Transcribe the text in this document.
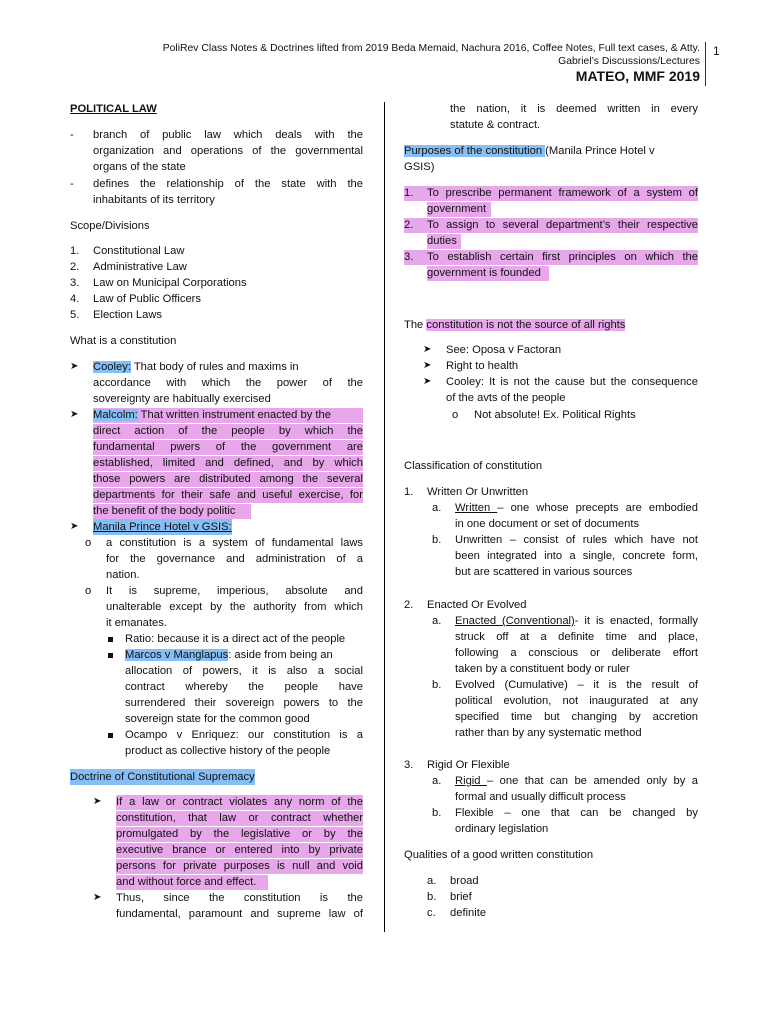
PoliRev Class Notes & Doctrines lifted from 2019 Beda Memaid, Nachura 2016, Coffee Notes, Full text cases, & Atty.
Gabriel’s Discussions/Lectures
MATEO, MMF 2019
1
POLITICAL LAW
- branch of public law which deals with the
organization and operations of the governmental
organs of the state
- defines the relationship of the state with the
inhabitants of its territory
Scope/Divisions
1. Constitutional Law
2. Administrative Law
3. Law on Municipal Corporations
4. Law of Public Officers
5. Election Laws
What is a constitution
➤ Cooley: That body of rules and maxims in
accordance with which the power of the
sovereignty are habitually exercised
➤ Malcolm: That written instrument enacted by the
direct action of the people by which the
fundamental pwers of the government are
established, limited and defined, and by which
those powers are distributed among the several
departments for their safe and useful exercise, for
the benefit of the body politic
➤ Manila Prince Hotel v GSIS:
o a constitution is a system of fundamental laws
for the governance and administration of a
nation.
o It is supreme, imperious, absolute and
unalterable except by the authority from which
it emanates.
Ratio: because it is a direct act of the people
Marcos v Manglapus: aside from being an
allocation of powers, it is also a social
contract whereby the people have
surrendered their sovereign powers to the
sovereign state for the common good
Ocampo v Enriquez: our constitution is a
product as collective history of the people
Doctrine of Constitutional Supremacy
➤ If a law or contract violates any norm of the
constitution, that law or contract whether
promulgated by the legislative or by the
executive brance or entered into by private
persons for private purposes is null and void
and without force and effect.
➤ Thus, since the constitution is the
fundamental, paramount and supreme law of
the nation, it is deemed written in every
statute & contract.
Purposes of the constitution (Manila Prince Hotel v
GSIS)
1. To prescribe permanent framework of a system of
government
2. To assign to several department’s their respective
duties
3. To establish certain first principles on which the
government is founded
The constitution is not the source of all rights
➤ See: Oposa v Factoran
➤ Right to health
➤ Cooley: It is not the cause but the consequence
of the avts of the people
o Not absolute! Ex. Political Rights
Classification of constitution
1. Written Or Unwritten
a. Written – one whose precepts are embodied
in one document or set of documents
b. Unwritten – consist of rules which have not
been integrated into a single, concrete form,
but are scattered in various sources
2. Enacted Or Evolved
a. Enacted (Conventional)- it is enacted, formally
struck off at a definite time and place,
following a conscious or deliberate effort
taken by a constituent body or ruler
b. Evolved (Cumulative) – it is the result of
political evolution, not inaugurated at any
specified time but changing by accretion
rather than by any systematic method
3. Rigid Or Flexible
a. Rigid – one that can be amended only by a
formal and usually difficult process
b. Flexible – one that can be changed by
ordinary legislation
Qualities of a good written constitution
a. broad
b. brief
c. definite
